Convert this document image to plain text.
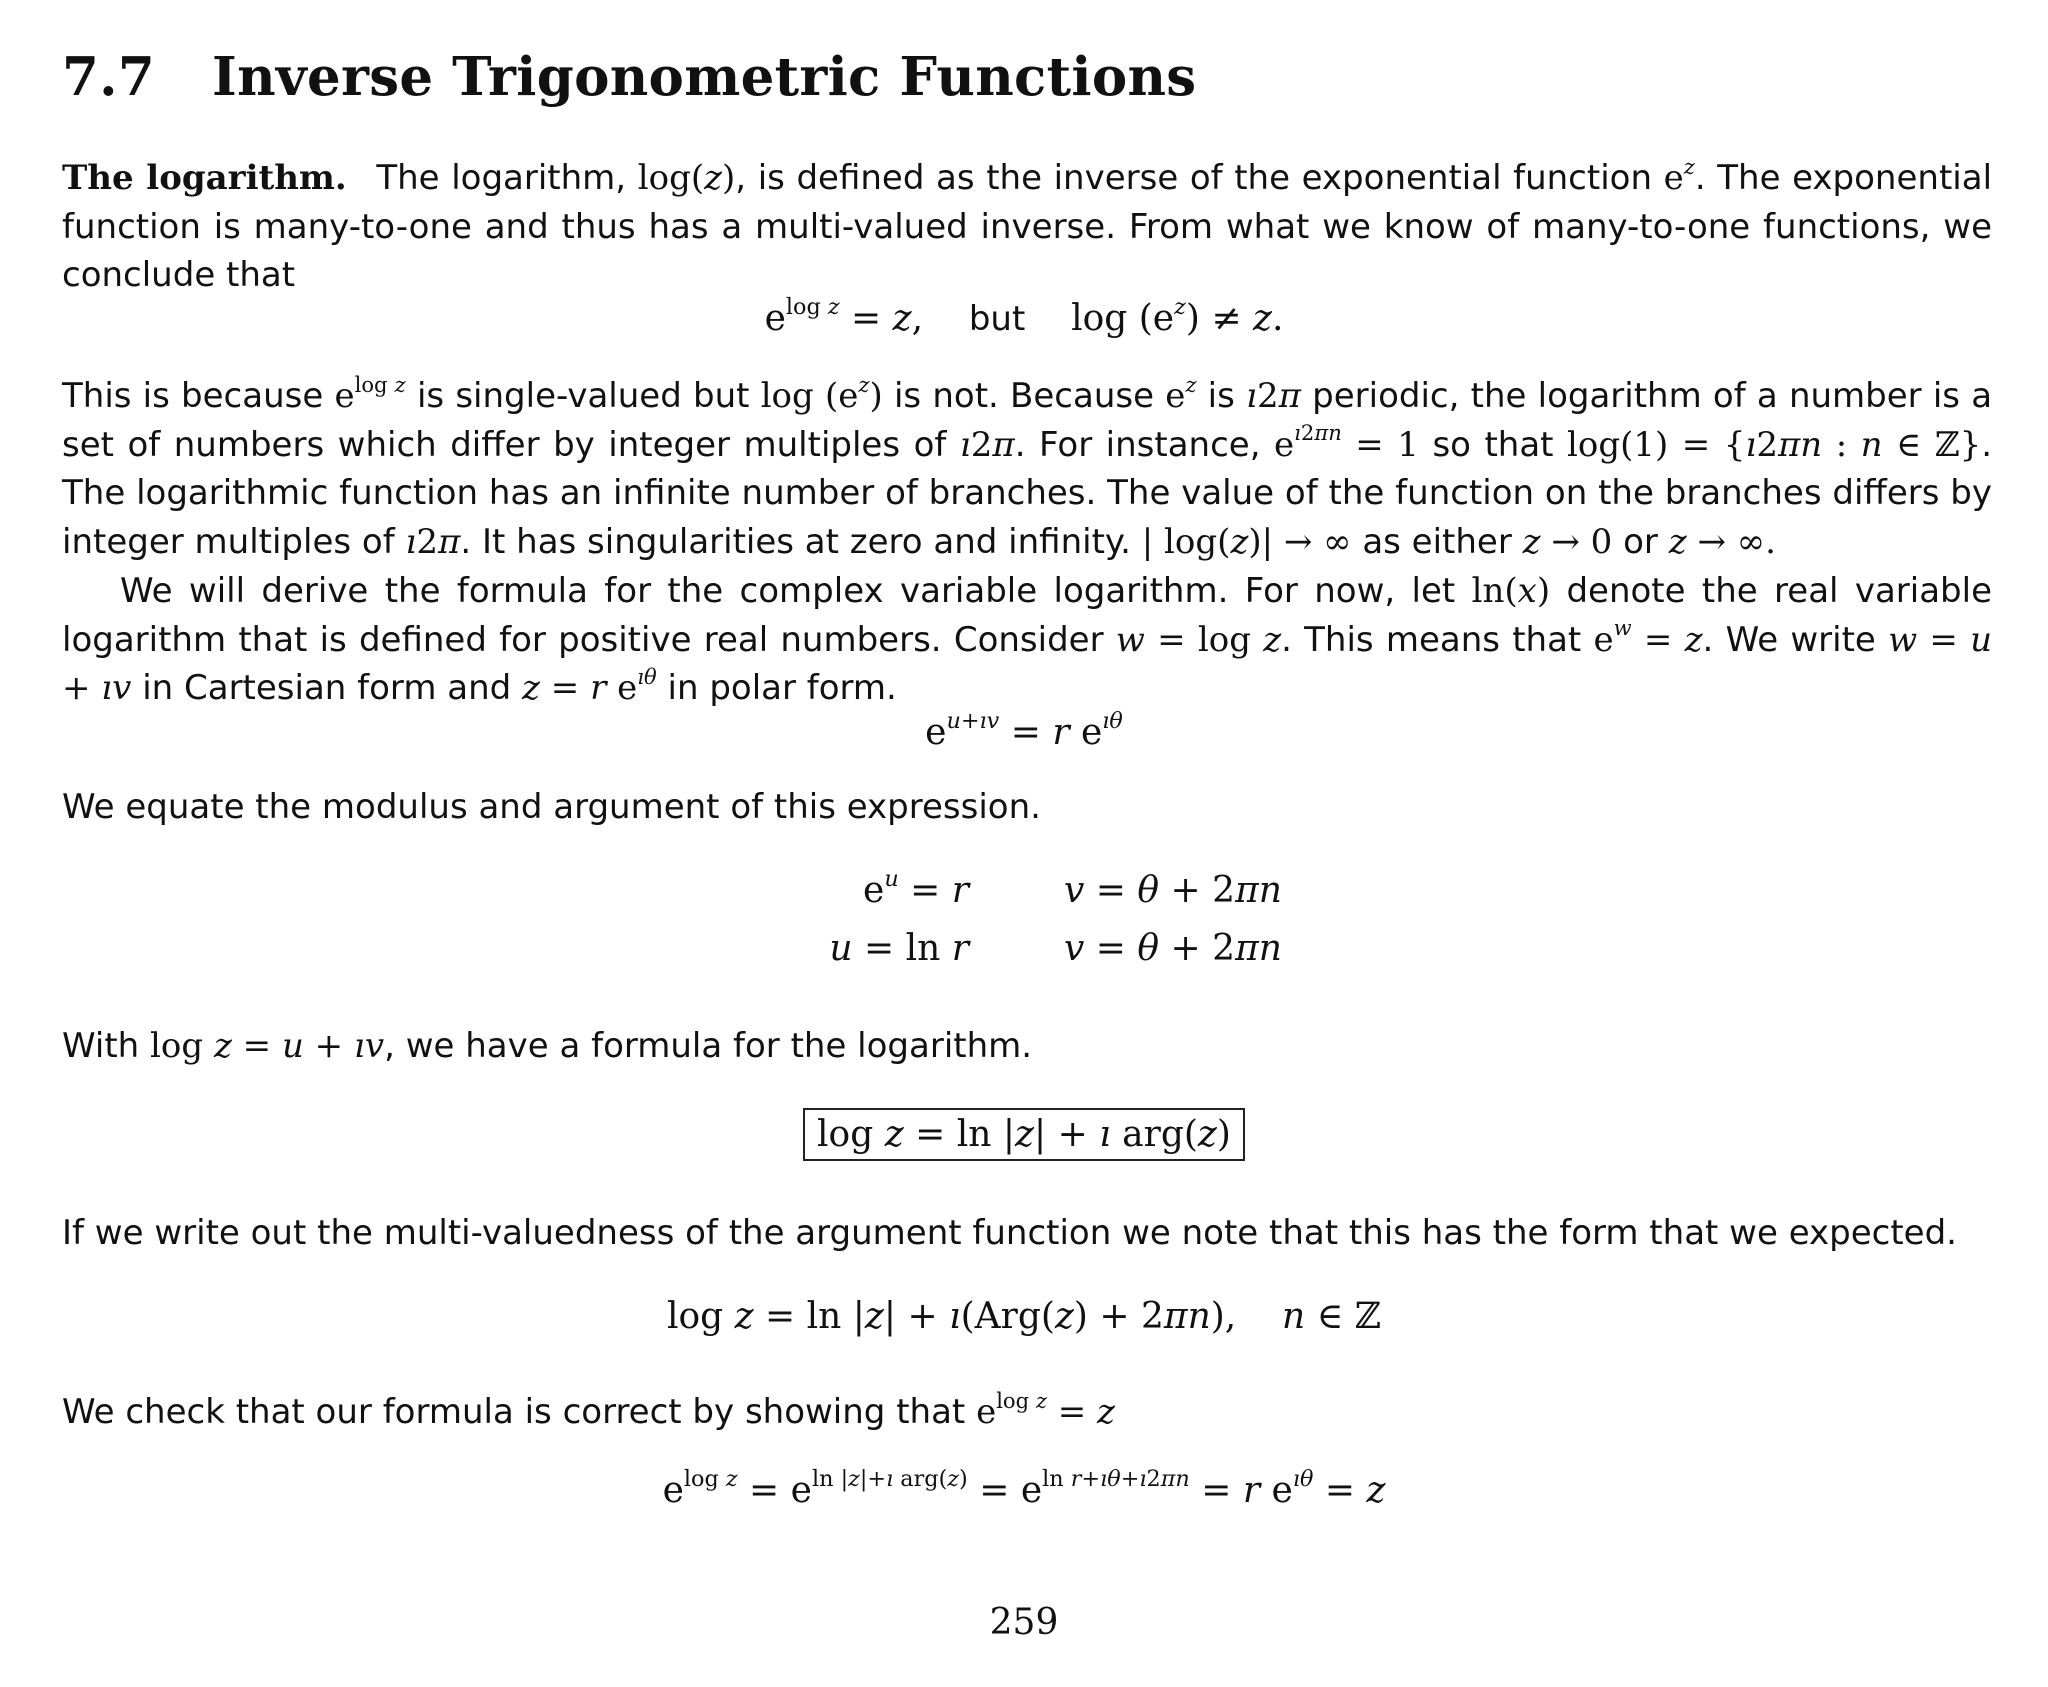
7.7 Inverse Trigonometric Functions

The logarithm. The logarithm, log(z), is defined as the inverse of the exponential function $e^z$. The exponential function is many-to-one and thus has a multi-valued inverse. From what we know of many-to-one functions, we conclude that

$e^{log z} = z$,    but    $\log (e^z) \ne z$.

This is because $e^{log z}$ is single-valued but $\log (e^z)$ is not. Because $e^z$ is ı2π periodic, the logarithm of a number is a set of numbers which differ by integer multiples of ı2π. For instance, $e^{ı2\pi n} = 1$ so that log(1) = {ı2πn : n ∈ ℤ}. The logarithmic function has an infinite number of branches. The value of the function on the branches differs by integer multiples of ı2π. It has singularities at zero and infinity. | log(z)| → ∞ as either z → 0 or z → ∞.

We will derive the formula for the complex variable logarithm. For now, let ln(x) denote the real variable logarithm that is defined for positive real numbers. Consider w = log z. This means that $e^w = z$. We write w = u + ıv in Cartesian form and z = r $e^{ı\theta}$ in polar form.

$e^{u+ıv} = r$ $e^{ı\theta}$

We equate the modulus and argument of this expression.

$e^u = r$	v = θ + 2πn
u = ln r	v = θ + 2πn

With log z = u + ıv, we have a formula for the logarithm.

log z = ln |z| + ı arg(z)

If we write out the multi-valuedness of the argument function we note that this has the form that we expected.

log z = ln |z| + ı(Arg(z) + 2πn),    n ∈ ℤ

We check that our formula is correct by showing that $e^{log z} = z$

$e^{log z} = e^{ln |z|+ı arg(z)} = e^{ln r+ı\theta+ı2\pi n} = r$ $e^{ı\theta} = z$
259
